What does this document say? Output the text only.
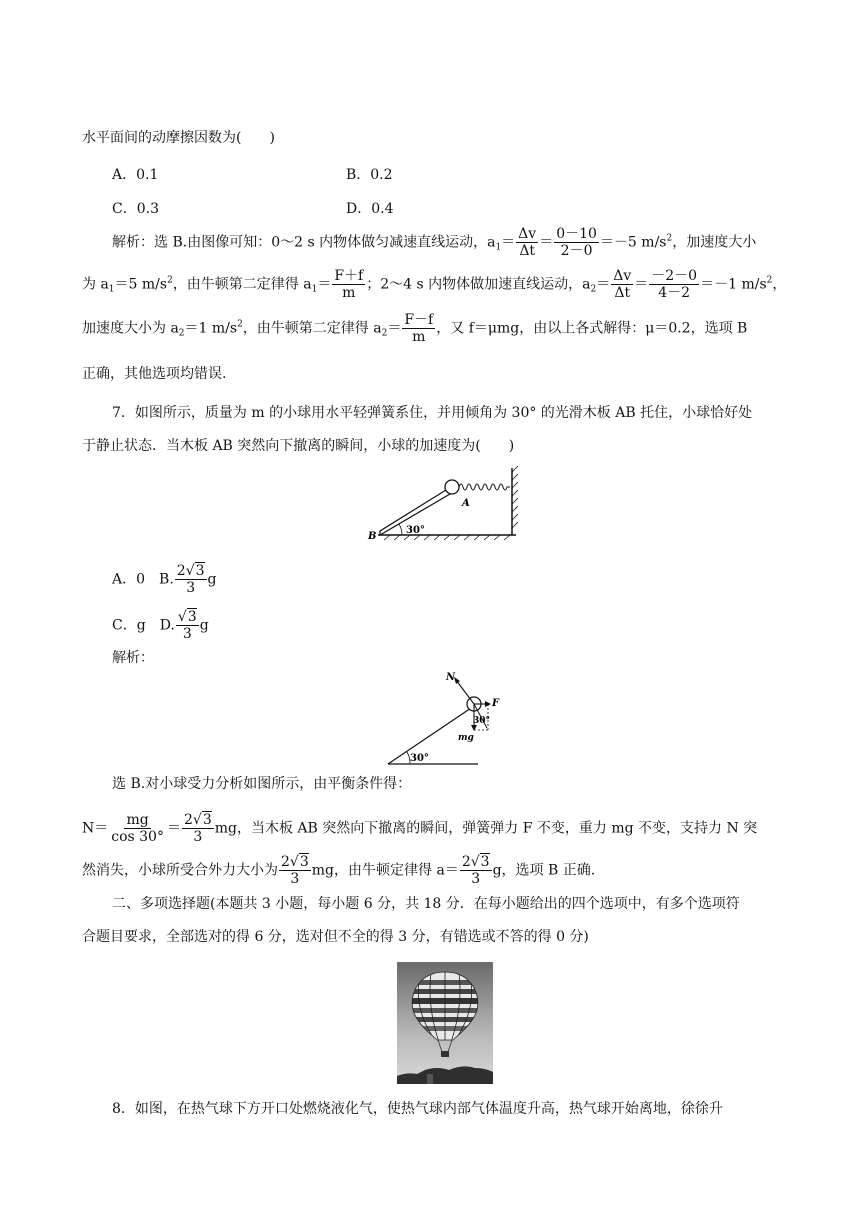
水平面间的动摩擦因数为(　　)
A．0.1	B．0.2
C．0.3	D．0.4
解析：选 B.由图像可知：0～2 s 内物体做匀减速直线运动，$a_1= \frac{\Delta v}{\Delta t} = \frac{0-10}{2-0} =-5$ $m/s^2$，加速度大小
为 $a_1=5$ $m/s^2$，由牛顿第二定律得 $a_1= \frac{F+f}{m}$ ；2～4 s 内物体做加速直线运动，$a_2= \frac{\Delta v}{\Delta t} = \frac{-2-0}{4-2} =-1$ $m/s^2$，
加速度大小为 $a_2=1$ $m/s^2$，由牛顿第二定律得 $a_2= \frac{F-f}{m}$ ，又 f＝μmg，由以上各式解得：μ＝0.2，选项 B
正确，其他选项均错误.
7．如图所示，质量为 m 的小球用水平轻弹簧系住，并用倾角为 30° 的光滑木板 AB 托住，小球恰好处
于静止状态．当木板 AB 突然向下撤离的瞬间，小球的加速度为(　　)
30°
A
B
A．0　 B. $\frac{2√3}{3}$ g
C．g　 D. $\frac{√3}{3}$ g
解析：
30°
N
F
mg
30°
选 B.对小球受力分析如图所示，由平衡条件得：
$N= \frac{mg}{\cos 30^\circ} = \frac{2√3}{3}$ mg，当木板 AB 突然向下撤离的瞬间，弹簧弹力 F 不变，重力 mg 不变，支持力 N 突
然消失，小球所受合外力大小为 $\frac{2√3}{3}$ mg，由牛顿定律得 $a= \frac{2√3}{3}$ g，选项 B 正确.
二、多项选择题(本题共 3 小题，每小题 6 分，共 18 分．在每小题给出的四个选项中，有多个选项符
合题目要求，全部选对的得 6 分，选对但不全的得 3 分，有错选或不答的得 0 分)
8．如图，在热气球下方开口处燃烧液化气，使热气球内部气体温度升高，热气球开始离地，徐徐升
